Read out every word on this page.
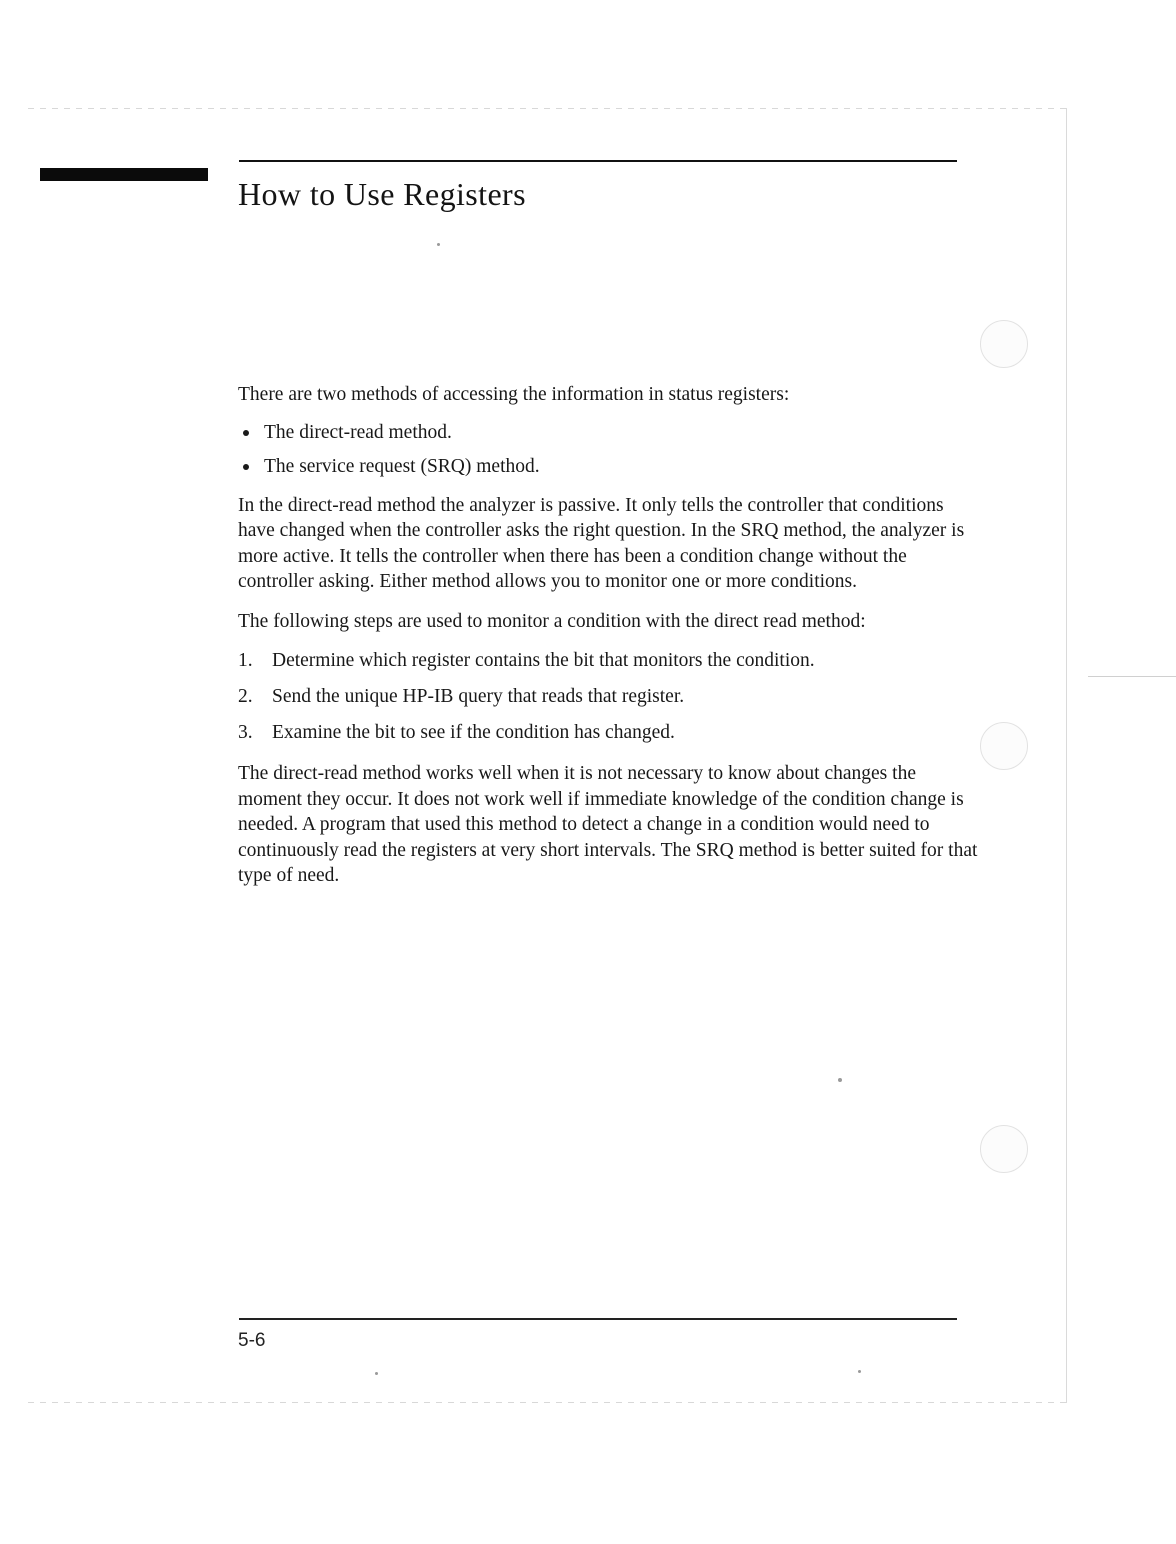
How to Use Registers

There are two methods of accessing the information in status registers:

The direct-read method.
The service request (SRQ) method.

In the direct-read method the analyzer is passive. It only tells the controller that conditions have changed when the controller asks the right question. In the SRQ method, the analyzer is more active. It tells the controller when there has been a condition change without the controller asking. Either method allows you to monitor one or more conditions.

The following steps are used to monitor a condition with the direct read method:

1. Determine which register contains the bit that monitors the condition.
2. Send the unique HP-IB query that reads that register.
3. Examine the bit to see if the condition has changed.

The direct-read method works well when it is not necessary to know about changes the moment they occur. It does not work well if immediate knowledge of the condition change is needed. A program that used this method to detect a change in a condition would need to continuously read the registers at very short intervals. The SRQ method is better suited for that type of need.

5-6
